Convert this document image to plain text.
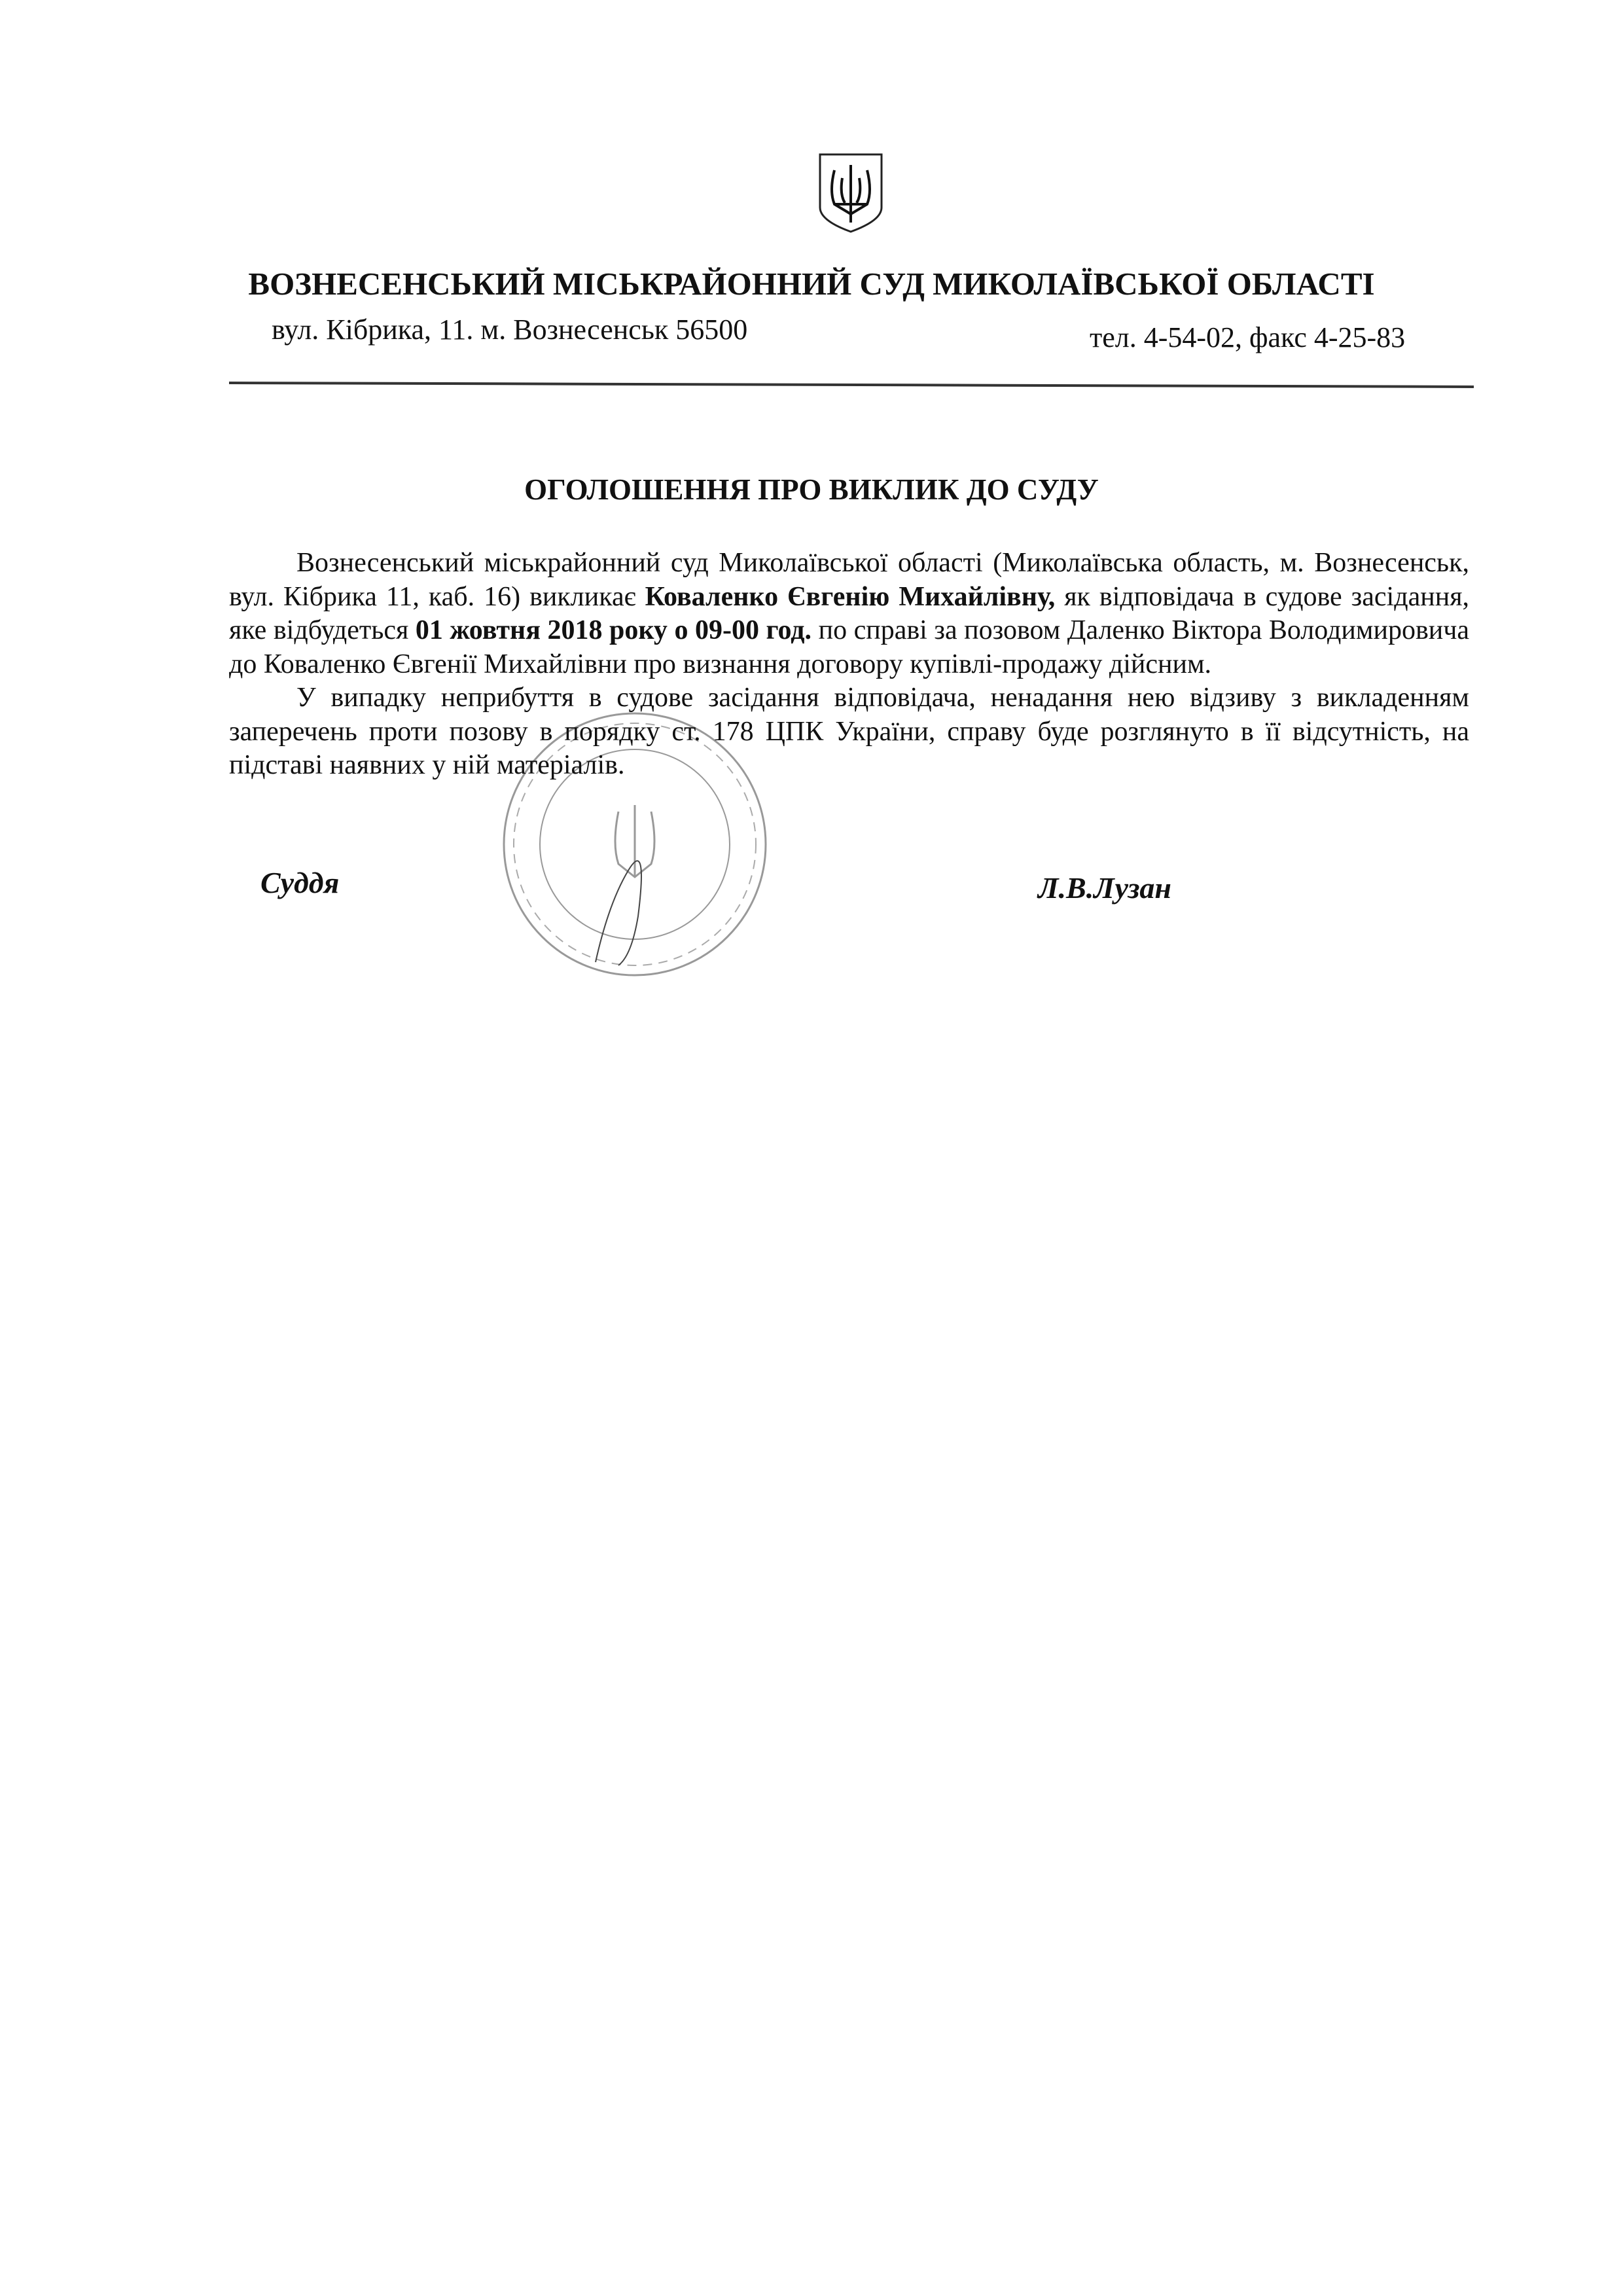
ВОЗНЕСЕНСЬКИЙ МІСЬКРАЙОННИЙ СУД МИКОЛАЇВСЬКОЇ ОБЛАСТІ
вул. Кібрика, 11. м. Вознесенськ 56500	тел. 4-54-02, факс 4-25-83
ОГОЛОШЕННЯ ПРО ВИКЛИК ДО СУДУ

Вознесенський міськрайонний суд Миколаївської області (Миколаївська область, м. Вознесенськ, вул. Кібрика 11, каб. 16) викликає Коваленко Євгенію Михайлівну, як відповідача в судове засідання, яке відбудеться 01 жовтня 2018 року о 09-00 год. по справі за позовом Даленко Віктора Володимировича до Коваленко Євгенії Михайлівни про визнання договору купівлі-продажу дійсним.

У випадку неприбуття в судове засідання відповідача, ненадання нею відзиву з викладенням заперечень проти позову в порядку ст. 178 ЦПК України, справу буде розглянуто в її відсутність, на підставі наявних у ній матеріалів.

Суддя	Л.В.Лузан
